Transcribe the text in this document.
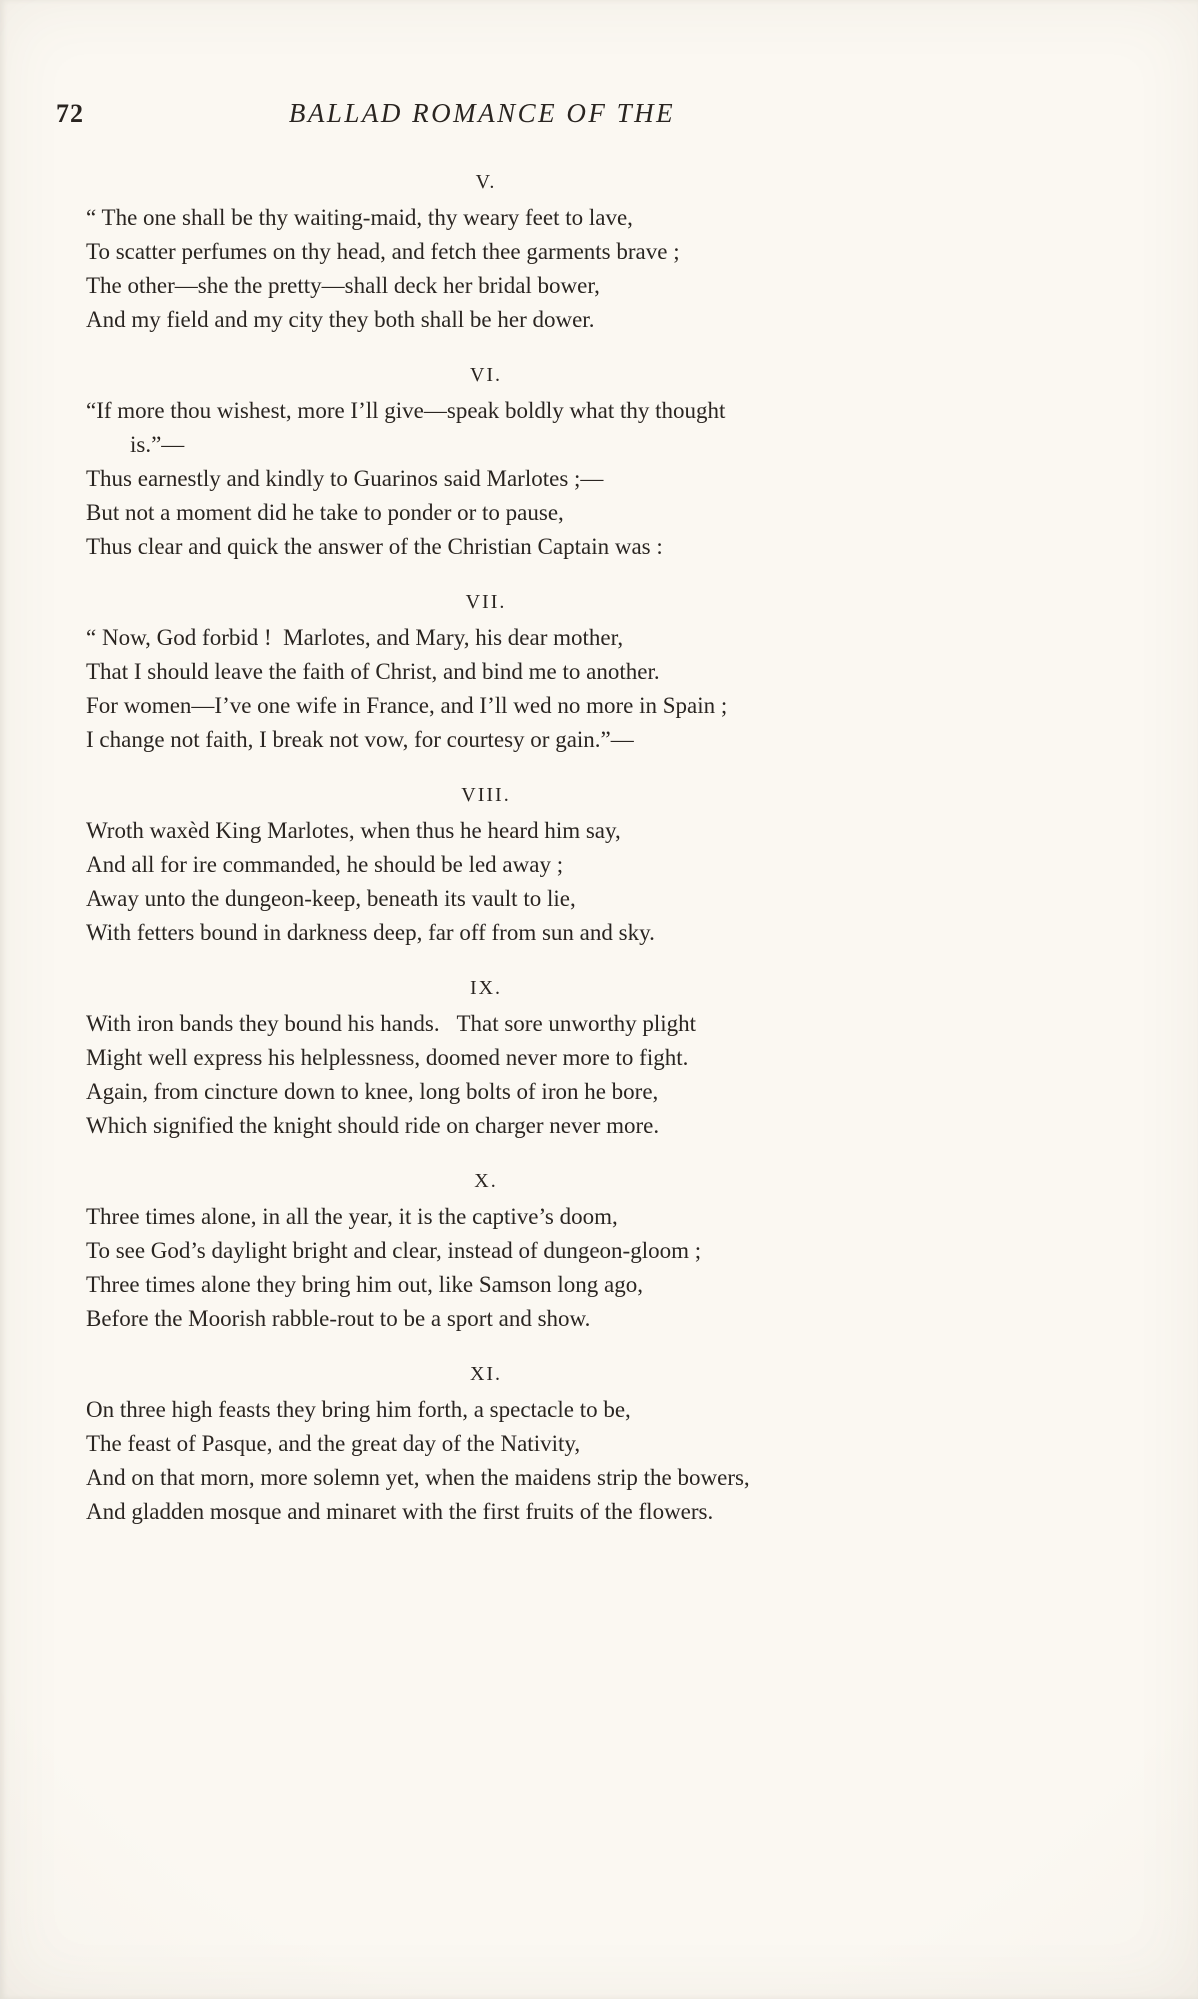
72	BALLAD ROMANCE OF THE
V.
“ The one shall be thy waiting-maid, thy weary feet to lave,
To scatter perfumes on thy head, and fetch thee garments brave ;
The other—she the pretty—shall deck her bridal bower,
And my field and my city they both shall be her dower.
VI.
“If more thou wishest, more I’ll give—speak boldly what thy thought
is.”—
Thus earnestly and kindly to Guarinos said Marlotes ;—
But not a moment did he take to ponder or to pause,
Thus clear and quick the answer of the Christian Captain was :
VII.
“ Now, God forbid !  Marlotes, and Mary, his dear mother,
That I should leave the faith of Christ, and bind me to another.
For women—I’ve one wife in France, and I’ll wed no more in Spain ;
I change not faith, I break not vow, for courtesy or gain.”—
VIII.
Wroth waxèd King Marlotes, when thus he heard him say,
And all for ire commanded, he should be led away ;
Away unto the dungeon-keep, beneath its vault to lie,
With fetters bound in darkness deep, far off from sun and sky.
IX.
With iron bands they bound his hands.   That sore unworthy plight
Might well express his helplessness, doomed never more to fight.
Again, from cincture down to knee, long bolts of iron he bore,
Which signified the knight should ride on charger never more.
X.
Three times alone, in all the year, it is the captive’s doom,
To see God’s daylight bright and clear, instead of dungeon-gloom ;
Three times alone they bring him out, like Samson long ago,
Before the Moorish rabble-rout to be a sport and show.
XI.
On three high feasts they bring him forth, a spectacle to be,
The feast of Pasque, and the great day of the Nativity,
And on that morn, more solemn yet, when the maidens strip the bowers,
And gladden mosque and minaret with the first fruits of the flowers.
